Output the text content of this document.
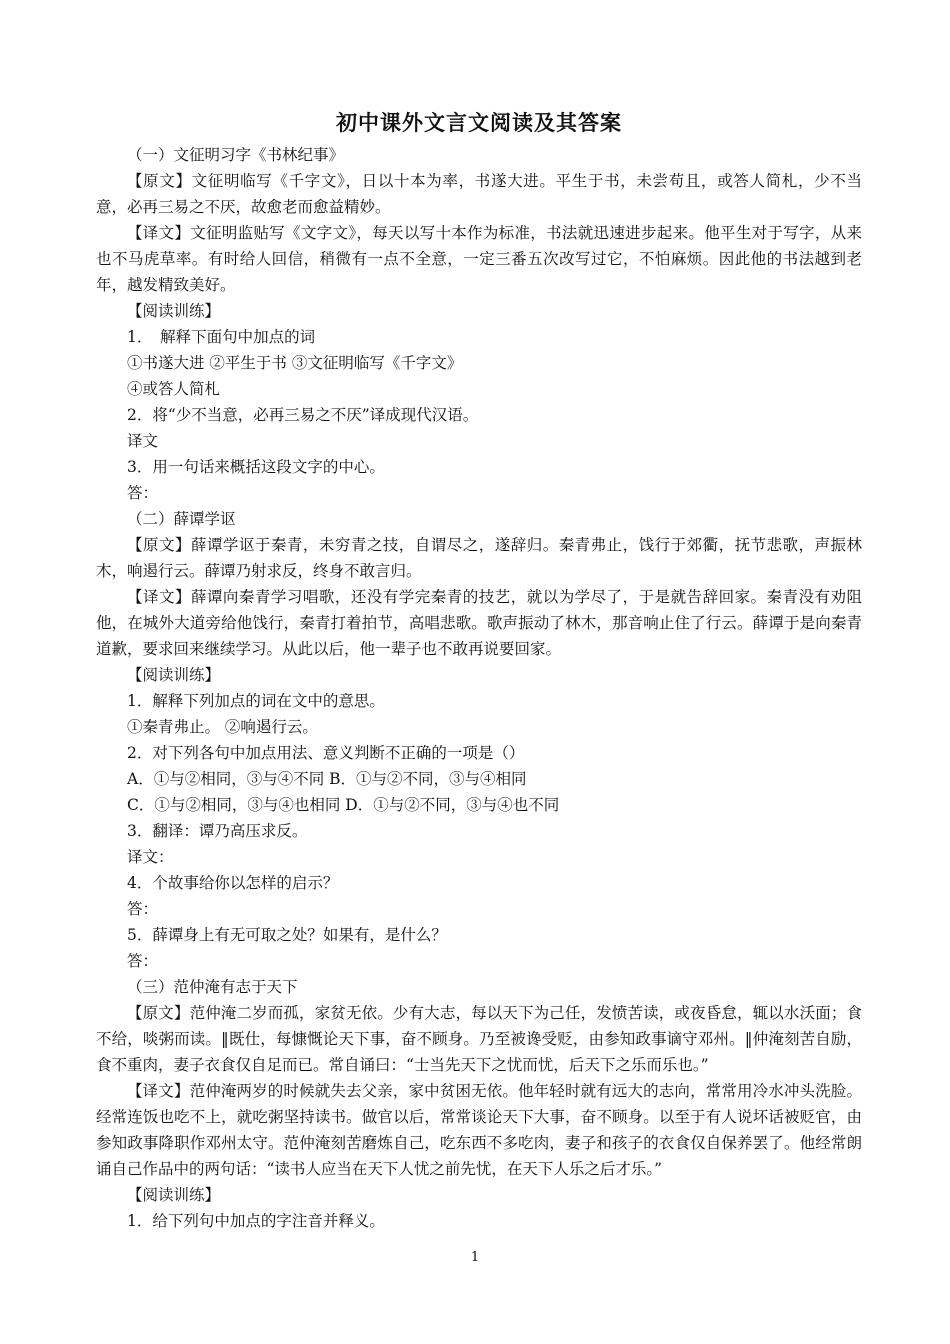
初中课外文言文阅读及其答案

（一）文征明习字《书林纪事》

【原文】文征明临写《千字文》，日以十本为率，书遂大进。平生于书，未尝苟且，或答人简札，少不当意，必再三易之不厌，故愈老而愈益精妙。

【译文】文征明监贴写《文字文》，每天以写十本作为标准，书法就迅速进步起来。他平生对于写字，从来也不马虎草率。有时给人回信，稍微有一点不全意，一定三番五次改写过它，不怕麻烦。因此他的书法越到老年，越发精致美好。

【阅读训练】

1．　解释下面句中加点的词

①书遂大进 ②平生于书 ③文征明临写《千字文》

④或答人简札

2．将“少不当意，必再三易之不厌”译成现代汉语。

译文

3．用一句话来概括这段文字的中心。

答：

（二）薛谭学讴

【原文】薛谭学讴于秦青，未穷青之技，自谓尽之，遂辞归。秦青弗止，饯行于郊衢，抚节悲歌，声振林木，响遏行云。薛谭乃射求反，终身不敢言归。

【译文】薛谭向秦青学习唱歌，还没有学完秦青的技艺，就以为学尽了，于是就告辞回家。秦青没有劝阻他，在城外大道旁给他饯行，秦青打着拍节，高唱悲歌。歌声振动了林木，那音响止住了行云。薛谭于是向秦青道歉，要求回来继续学习。从此以后，他一辈子也不敢再说要回家。

【阅读训练】

1．解释下列加点的词在文中的意思。

①秦青弗止。 ②响遏行云。

2．对下列各句中加点用法、意义判断不正确的一项是（）

A．①与②相同，③与④不同 B．①与②不同，③与④相同

C．①与②相同，③与④也相同 D．①与②不同，③与④也不同

3．翻译：谭乃高压求反。

译文：

4．个故事给你以怎样的启示？

答：

5．薛谭身上有无可取之处？如果有，是什么？

答：

（三）范仲淹有志于天下

【原文】范仲淹二岁而孤，家贫无依。少有大志，每以天下为己任，发愤苦读，或夜昏怠，辄以水沃面；食不给，啖粥而读。‖既仕，每慷慨论天下事，奋不顾身。乃至被谗受贬，由参知政事谪守邓州。‖仲淹刻苦自励，食不重肉，妻子衣食仅自足而已。常自诵曰：“士当先天下之忧而忧，后天下之乐而乐也。”

【译文】范仲淹两岁的时候就失去父亲，家中贫困无依。他年轻时就有远大的志向，常常用冷水冲头洗脸。经常连饭也吃不上，就吃粥坚持读书。做官以后，常常谈论天下大事，奋不顾身。以至于有人说坏话被贬官，由参知政事降职作邓州太守。范仲淹刻苦磨炼自己，吃东西不多吃肉，妻子和孩子的衣食仅自保养罢了。他经常朗诵自己作品中的两句话：“读书人应当在天下人忧之前先忧，在天下人乐之后才乐。”

【阅读训练】

1．给下列句中加点的字注音并释义。

1
